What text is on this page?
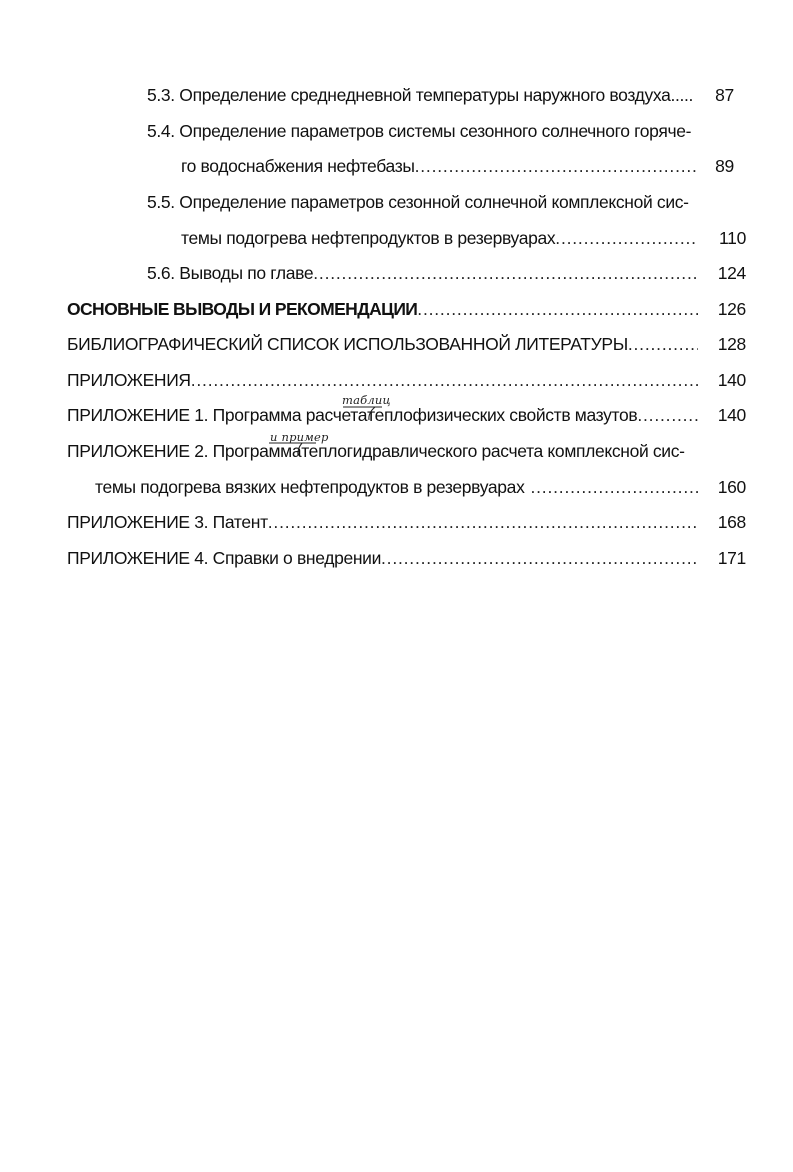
5.3. Определение среднедневной температуры наружного воздуха..... 87
5.4. Определение параметров системы сезонного солнечного горяче-
го водоснабжения нефтебазы .....	89
5.5. Определение параметров сезонной солнечной комплексной сис-
темы подогрева нефтепродуктов в резервуарах .....	110
5.6. Выводы по главе .....	124
ОСНОВНЫЕ ВЫВОДЫ И РЕКОМЕНДАЦИИ .....	126
БИБЛИОГРАФИЧЕСКИЙ СПИСОК ИСПОЛЬЗОВАННОЙ ЛИТЕРАТУРЫ .....	128
ПРИЛОЖЕНИЯ .....	140
ПРИЛОЖЕНИЕ 1. Программа расчета теплофизических свойств мазутов .....	140
таблиц
ПРИЛОЖЕНИЕ 2. Программа теплогидравлического расчета комплексной сис-
и пример
темы подогрева вязких нефтепродуктов в резервуарах .....	160
ПРИЛОЖЕНИЕ 3. Патент .....	168
ПРИЛОЖЕНИЕ 4. Справки о внедрении .....	171
